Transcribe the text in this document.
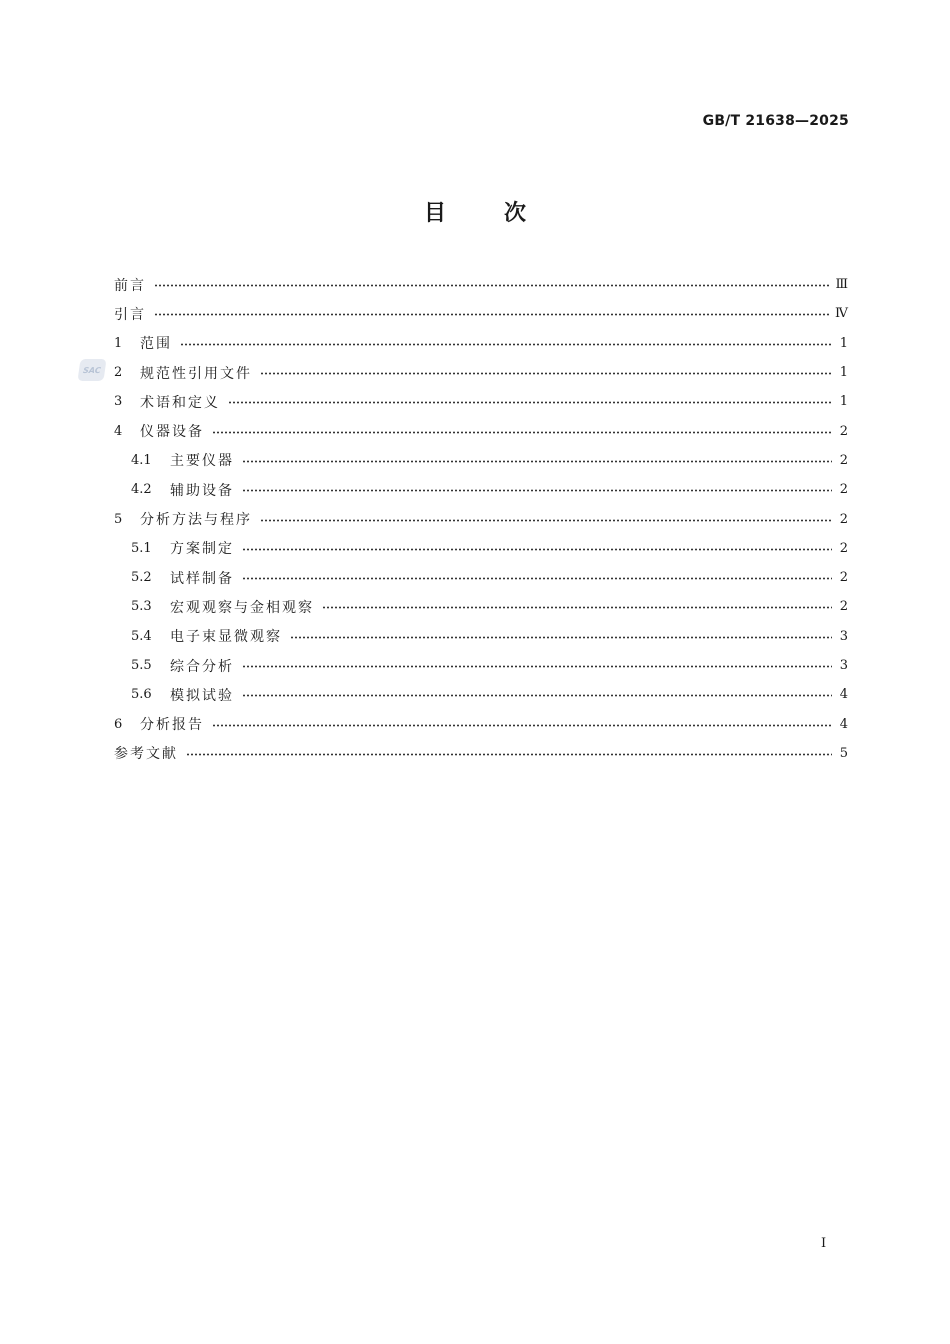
GB/T 21638—2025
目次
SAC
前言	Ⅲ
引言	Ⅳ
1	范围	1
2	规范性引用文件	1
3	术语和定义	1
4	仪器设备	2
4.1	主要仪器	2
4.2	辅助设备	2
5	分析方法与程序	2
5.1	方案制定	2
5.2	试样制备	2
5.3	宏观观察与金相观察	2
5.4	电子束显微观察	3
5.5	综合分析	3
5.6	模拟试验	4
6	分析报告	4
参考文献	5
I
